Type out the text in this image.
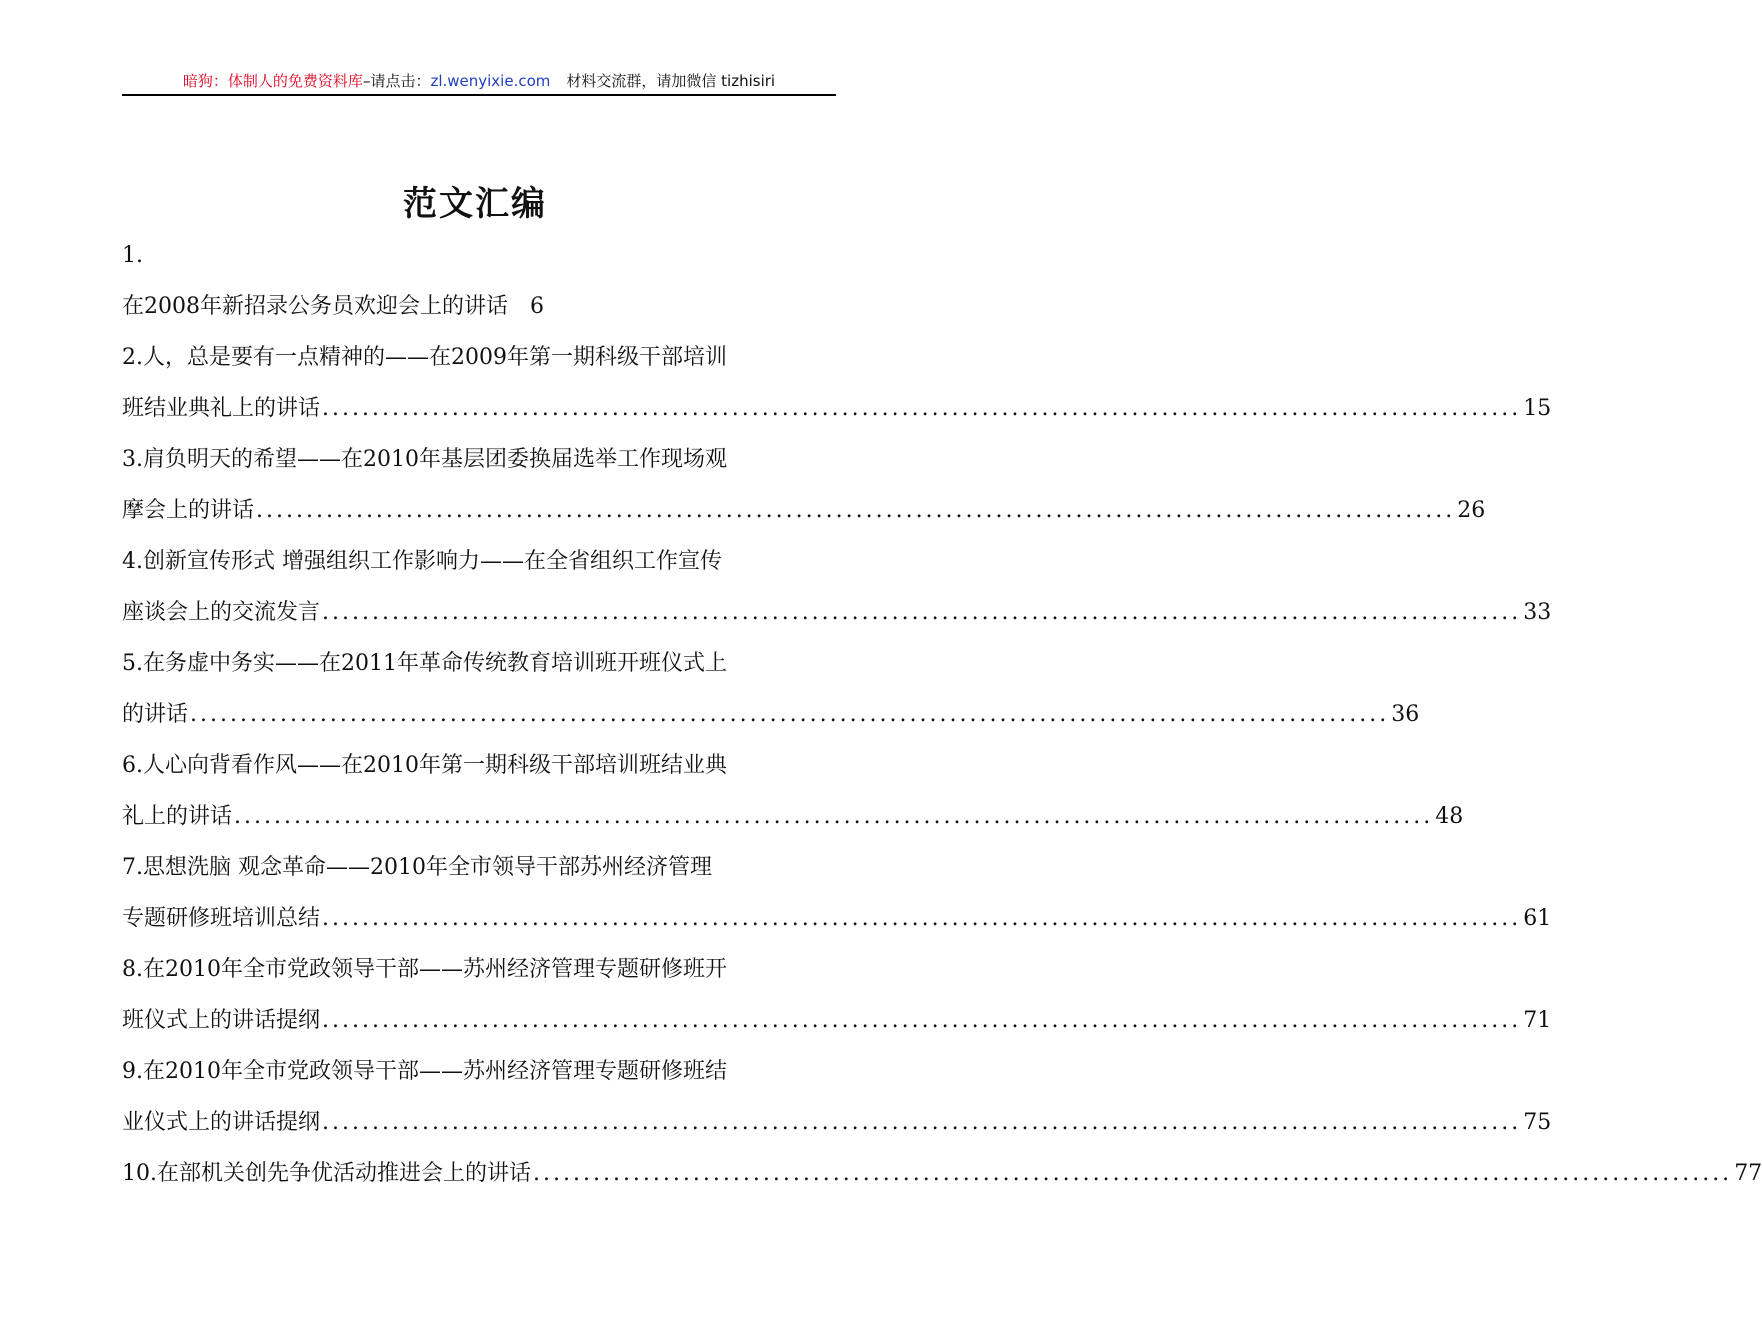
暗狗：体制人的免费资料库–请点击：zl.wenyixie.com 材料交流群，请加微信 tizhisiri
范文汇编
1.
在2008年新招录公务员欢迎会上的讲话 6
2.人，总是要有一点精神的——在2009年第一期科级干部培训
班结业典礼上的讲话 ........................................................................................................................ 15
3.肩负明天的希望——在2010年基层团委换届选举工作现场观
摩会上的讲话 ........................................................................................................................ 26
4.创新宣传形式 增强组织工作影响力——在全省组织工作宣传
座谈会上的交流发言 ........................................................................................................................ 33
5.在务虚中务实——在2011年革命传统教育培训班开班仪式上
的讲话 ........................................................................................................................ 36
6.人心向背看作风——在2010年第一期科级干部培训班结业典
礼上的讲话 ........................................................................................................................ 48
7.思想洗脑 观念革命——2010年全市领导干部苏州经济管理
专题研修班培训总结 ........................................................................................................................ 61
8.在2010年全市党政领导干部——苏州经济管理专题研修班开
班仪式上的讲话提纲 ........................................................................................................................ 71
9.在2010年全市党政领导干部——苏州经济管理专题研修班结
业仪式上的讲话提纲 ........................................................................................................................ 75
10.在部机关创先争优活动推进会上的讲话 ........................................................................................................................ 77
